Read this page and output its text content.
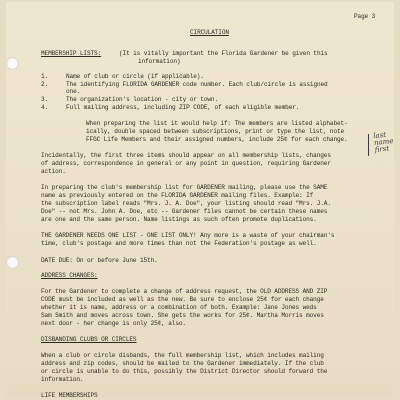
Page 3
CIRCULATION
MEMBERSHIP LISTS:	(It is vitally important the Florida Gardener be given this
information)
1.	Name of club or circle (if applicable).
2.	The identifying FLORIDA GARDENER code number. Each club/circle is assigned
one.
3.	The organization's location - city or town.
4.	Full mailing address, including ZIP CODE, of each eligible member.
When preparing the list it would help if: The members are listed alphabet-
ically, double spaced between subscriptions, print or type the list, note
FFGC Life Members and their assigned numbers, include 25¢ for each change.	last
name
first
Incidentally, the first three items should appear on all membership lists, changes
of address, correspondence in general or any point in question, requiring Gardener
action.
In preparing the club's membership list for GARDENER mailing, please use the SAME
name as previously entered on the FLORIDA GARDENER mailing files. Example: If
the subscription label reads "Mrs. J. A. Doe", your listing should read "Mrs. J.A.
Doe" -- not Mrs. John A. Doe, etc -- Gardener files cannot be certain these names
are one and the same person. Name listings as such often promote duplications.
THE GARDENER NEEDS ONE LIST - ONE LIST ONLY! Any more is a waste of your chairman's
time, club's postage and more times than not the Federation's postage as well.
DATE DUE: On or before June 15th.
ADDRESS CHANGES:
For the Gardener to complete a change of address request, the OLD ADDRESS AND ZIP
CODE must be included as well as the new. Be sure to enclose 25¢ for each change
whether it is name, address or a combination of both. Example: Jane Jones weds
Sam Smith and moves across town. She gets the works for 25¢. Martha Morris moves
next door - her change is only 25¢, also.
DISBANDING CLUBS OR CIRCLES
When a club or circle disbands, the full membership list, which includes mailing
address and zip codes, should be mailed to the Gardener immediately. If the club
or circle is unable to do this, possibly the District Director should forward the
information.
LIFE MEMBERSHIPS
